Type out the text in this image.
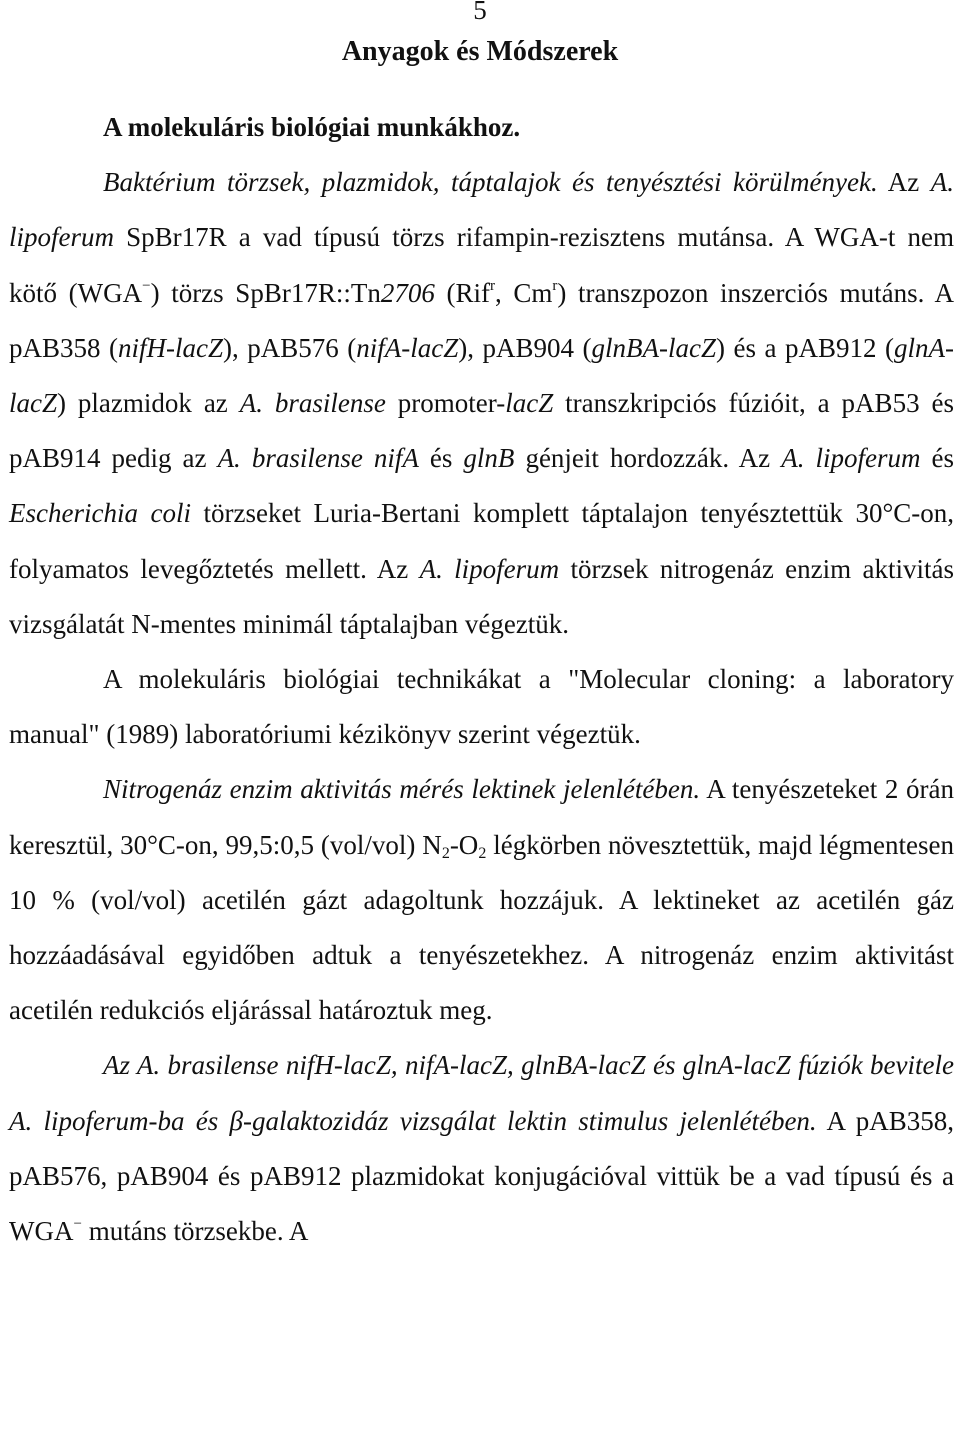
5
Anyagok és Módszerek

A molekuláris biológiai munkákhoz.

Baktérium törzsek, plazmidok, táptalajok és tenyésztési körülmények. Az A. lipoferum SpBr17R a vad típusú törzs rifampin-rezisztens mutánsa. A WGA-t nem kötő (WGA−) törzs SpBr17R::Tn2706 (Rif$^r$, Cm$^r$) transzpozon inszerciós mutáns. A pAB358 (nifH-lacZ), pAB576 (nifA-lacZ), pAB904 (glnBA-lacZ) és a pAB912 (glnA-lacZ) plazmidok az A. brasilense promoter-lacZ transzkripciós fúzióit, a pAB53 és pAB914 pedig az A. brasilense nifA és glnB génjeit hordozzák. Az A. lipoferum és Escherichia coli törzseket Luria-Bertani komplett táptalajon tenyésztettük 30°C-on, folyamatos levegőztetés mellett. Az A. lipoferum törzsek nitrogenáz enzim aktivitás vizsgálatát N-mentes minimál táptalajban végeztük.

A molekuláris biológiai technikákat a "Molecular cloning: a laboratory manual" (1989) laboratóriumi kézikönyv szerint végeztük.

Nitrogenáz enzim aktivitás mérés lektinek jelenlétében. A tenyészeteket 2 órán keresztül, 30°C-on, 99,5:0,5 (vol/vol) $N_2-O_2$ légkörben növesztettük, majd légmentesen 10 % (vol/vol) acetilén gázt adagoltunk hozzájuk. A lektineket az acetilén gáz hozzáadásával egyidőben adtuk a tenyészetekhez. A nitrogenáz enzim aktivitást acetilén redukciós eljárással határoztuk meg.

Az A. brasilense nifH-lacZ, nifA-lacZ, glnBA-lacZ és glnA-lacZ fúziók bevitele A. lipoferum-ba és β-galaktozidáz vizsgálat lektin stimulus jelenlétében. A pAB358, pAB576, pAB904 és pAB912 plazmidokat konjugációval vittük be a vad típusú és a WGA− mutáns törzsekbe. A
